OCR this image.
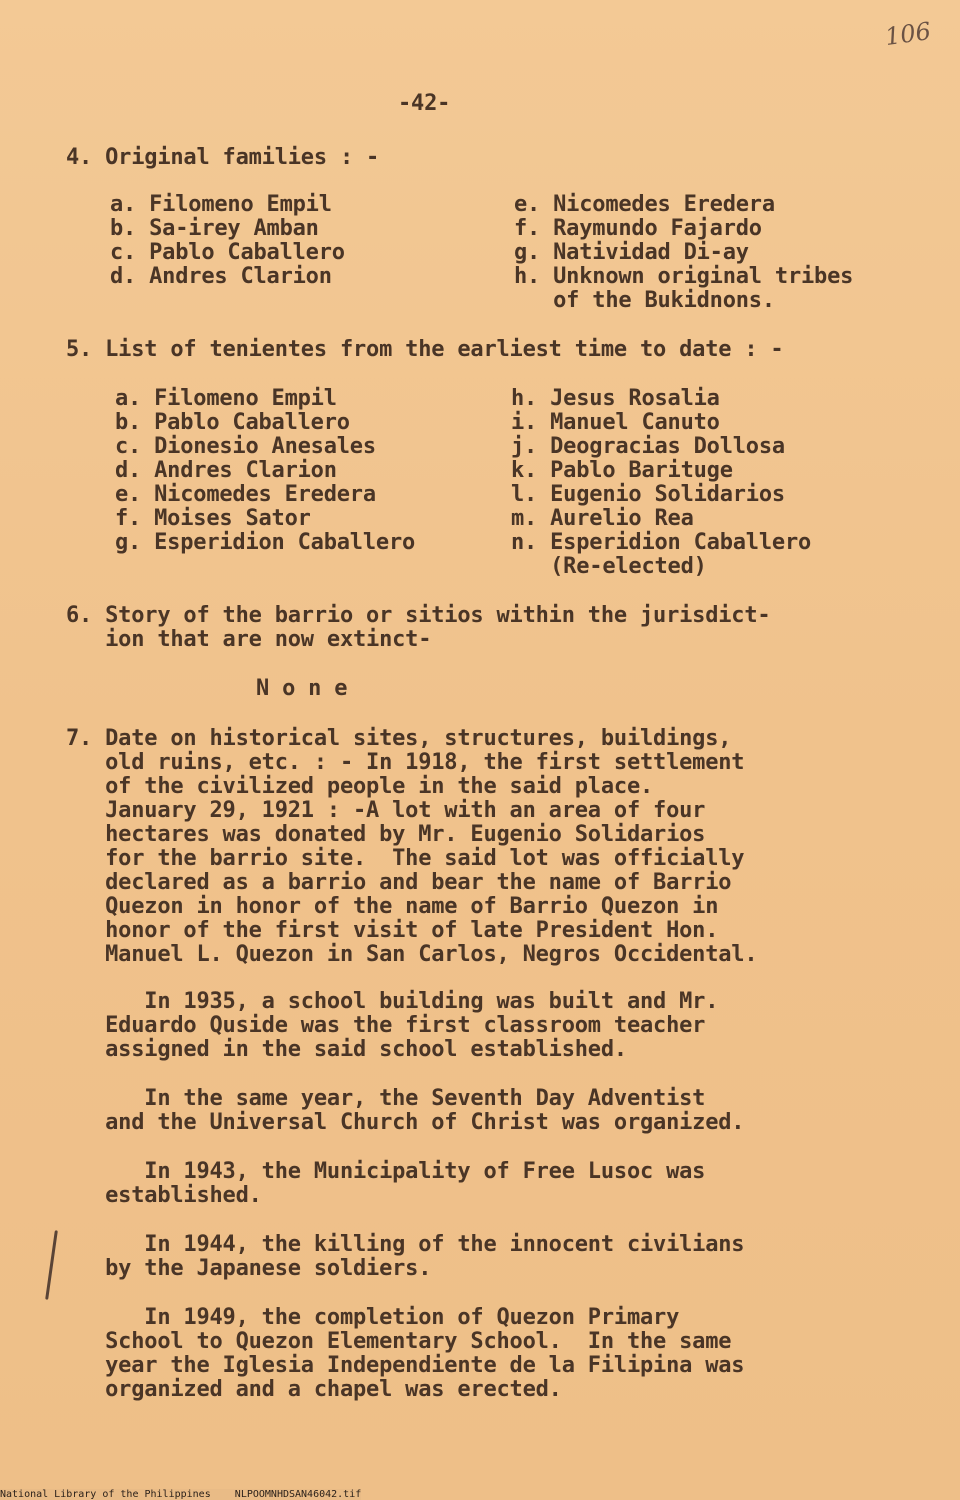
106
-42-
4. Original families : -
a. Filomeno Empil
b. Sa-irey Amban
c. Pablo Caballero
d. Andres Clarion
e. Nicomedes Eredera
f. Raymundo Fajardo
g. Natividad Di-ay
h. Unknown original tribes
of the Bukidnons.
5. List of tenientes from the earliest time to date : -
a. Filomeno Empil
b. Pablo Caballero
c. Dionesio Anesales
d. Andres Clarion
e. Nicomedes Eredera
f. Moises Sator
g. Esperidion Caballero
h. Jesus Rosalia
i. Manuel Canuto
j. Deogracias Dollosa
k. Pablo Barituge
l. Eugenio Solidarios
m. Aurelio Rea
n. Esperidion Caballero
(Re-elected)
6. Story of the barrio or sitios within the jurisdict-
ion that are now extinct-
N o n e
7. Date on historical sites, structures, buildings,
old ruins, etc. : - In 1918, the first settlement
of the civilized people in the said place.
January 29, 1921 : -A lot with an area of four
hectares was donated by Mr. Eugenio Solidarios
for the barrio site.  The said lot was officially
declared as a barrio and bear the name of Barrio
Quezon in honor of the name of Barrio Quezon in
honor of the first visit of late President Hon.
Manuel L. Quezon in San Carlos, Negros Occidental.
In 1935, a school building was built and Mr.
Eduardo Quside was the first classroom teacher
assigned in the said school established.
In the same year, the Seventh Day Adventist
and the Universal Church of Christ was organized.
In 1943, the Municipality of Free Lusoc was
established.
In 1944, the killing of the innocent civilians
by the Japanese soldiers.
In 1949, the completion of Quezon Primary
School to Quezon Elementary School.  In the same
year the Iglesia Independiente de la Filipina was
organized and a chapel was erected.
National Library of the Philippines    NLPOOMNHDSAN46042.tif
